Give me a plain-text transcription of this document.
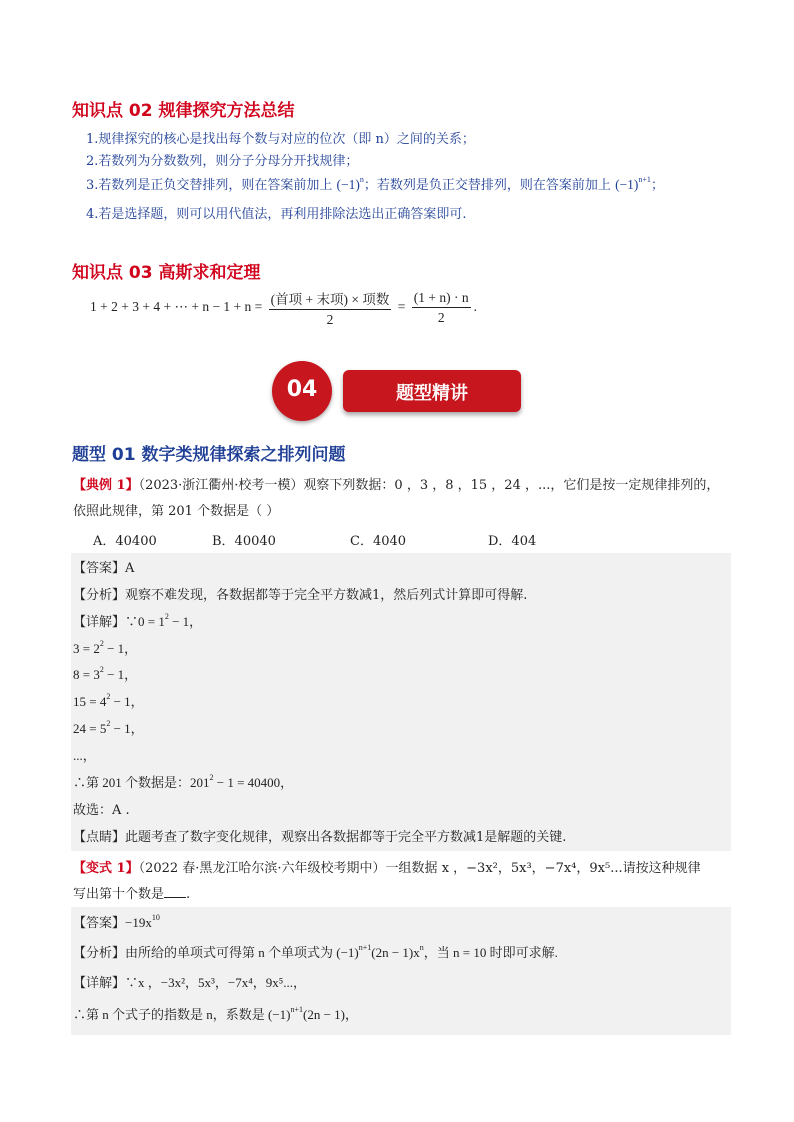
知识点 02 规律探究方法总结
1.规律探究的核心是找出每个数与对应的位次（即 n）之间的关系；
2.若数列为分数数列，则分子分母分开找规律；
3.若数列是正负交替排列，则在答案前加上 $(-1)^n$；若数列是负正交替排列，则在答案前加上 $(-1)^{n+1}$；
4.若是选择题，则可以用代值法，再利用排除法选出正确答案即可.
知识点 03 高斯求和定理
1 + 2 + 3 + 4 + ⋯ + $n - 1 + n = \frac{\text{(首项 + 末项) × 项数}}{2} = \frac{(1 + n) \cdot n}{2}$ .
04	题型精讲
题型 01 数字类规律探索之排列问题
【典例 1】（2023·浙江衢州·校考一模）观察下列数据：0 ，3 ，8 ，15 ，24 ，...，它们是按一定规律排列的，
依照此规律，第 201 个数据是（ ）
A．40400	B．40040	C．4040	D．404
【答案】A
【分析】观察不难发现，各数据都等于完全平方数减1，然后列式计算即可得解.
【详解】∵0 = $1^2 - 1$，
$3 = 2^2 - 1$，
$8 = 3^2 - 1$，
$15 = 4^2 - 1$，
$24 = 5^2 - 1$，
...，
∴第 201 个数据是：$201^2 - 1 = 40400$，
故选：A .
【点睛】此题考查了数字变化规律，观察出各数据都等于完全平方数减1是解题的关键.
【变式 1】（2022 春·黑龙江哈尔滨·六年级校考期中）一组数据 x ，−3x²，5x³，−7x⁴，9x⁵...请按这种规律
写出第十个数是 .
【答案】$-19x^{10}$
【分析】由所给的单项式可得第 n 个单项式为 $(-1)^{n+1}(2n - 1)x^n$，当 n = 10 时即可求解.
【详解】∵x ，−3x²，5x³，−7x⁴，9x⁵...，
∴第 n 个式子的指数是 n，系数是 $(-1)^{n+1}(2n - 1)$，
